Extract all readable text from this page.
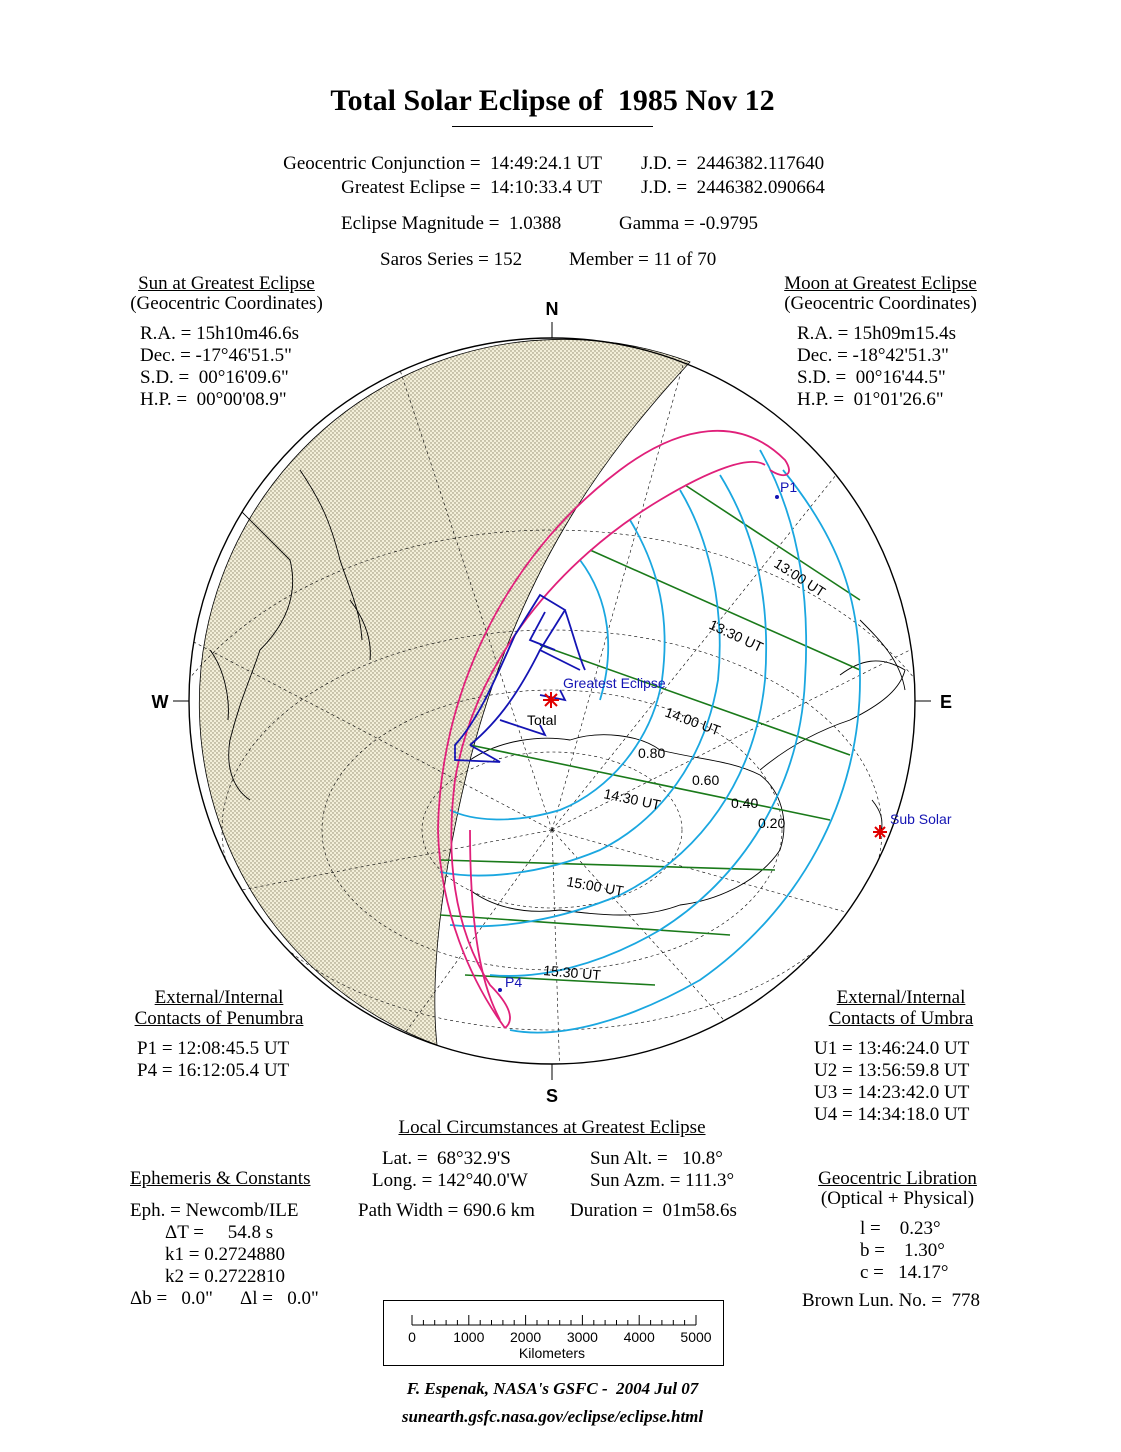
N
S
W	E
P1
P4
Greatest Eclipse
Total
Sub Solar
13:00 UT
13:30 UT
14:00 UT
14:30 UT
15:00 UT
15:30 UT
0.80
0.60
0.40
0.20
Total Solar Eclipse of  1985 Nov 12
Geocentric Conjunction =  14:49:24.1 UT J.D. =  2446382.117640
Greatest Eclipse =  14:10:33.4 UT J.D. =  2446382.090664
Eclipse Magnitude =  1.0388	Gamma = -0.9795
Saros Series = 152 Member = 11 of 70
Sun at Greatest Eclipse
(Geocentric Coordinates)
R.A. = 15h10m46.6s
Dec. = -17°46'51.5"
S.D. =  00°16'09.6"
H.P. =  00°00'08.9"
Moon at Greatest Eclipse
(Geocentric Coordinates)
R.A. = 15h09m15.4s
Dec. = -18°42'51.3"
S.D. =  00°16'44.5"
H.P. =  01°01'26.6"
External/Internal
Contacts of Penumbra
P1 = 12:08:45.5 UT
P4 = 16:12:05.4 UT
External/Internal
Contacts of Umbra
U1 = 13:46:24.0 UT
U2 = 13:56:59.8 UT
U3 = 14:23:42.0 UT
U4 = 14:34:18.0 UT
Local Circumstances at Greatest Eclipse
Lat. =  68°32.9'S
Long. = 142°40.0'W
Sun Alt. =   10.8°
Sun Azm. = 111.3°
Path Width = 690.6 km Duration =  01m58.6s
Ephemeris & Constants
Eph. = Newcomb/ILE
ΔT =     54.8 s
k1 = 0.2724880
k2 = 0.2722810
Δb =   0.0" Δl =   0.0"
Geocentric Libration
(Optical + Physical)
l =    0.23°
b =    1.30°
c =   14.17°
Brown Lun. No. =  778
0	1000 2000 3000 4000 5000
Kilometers
F. Espenak, NASA's GSFC -  2004 Jul 07
sunearth.gsfc.nasa.gov/eclipse/eclipse.html
